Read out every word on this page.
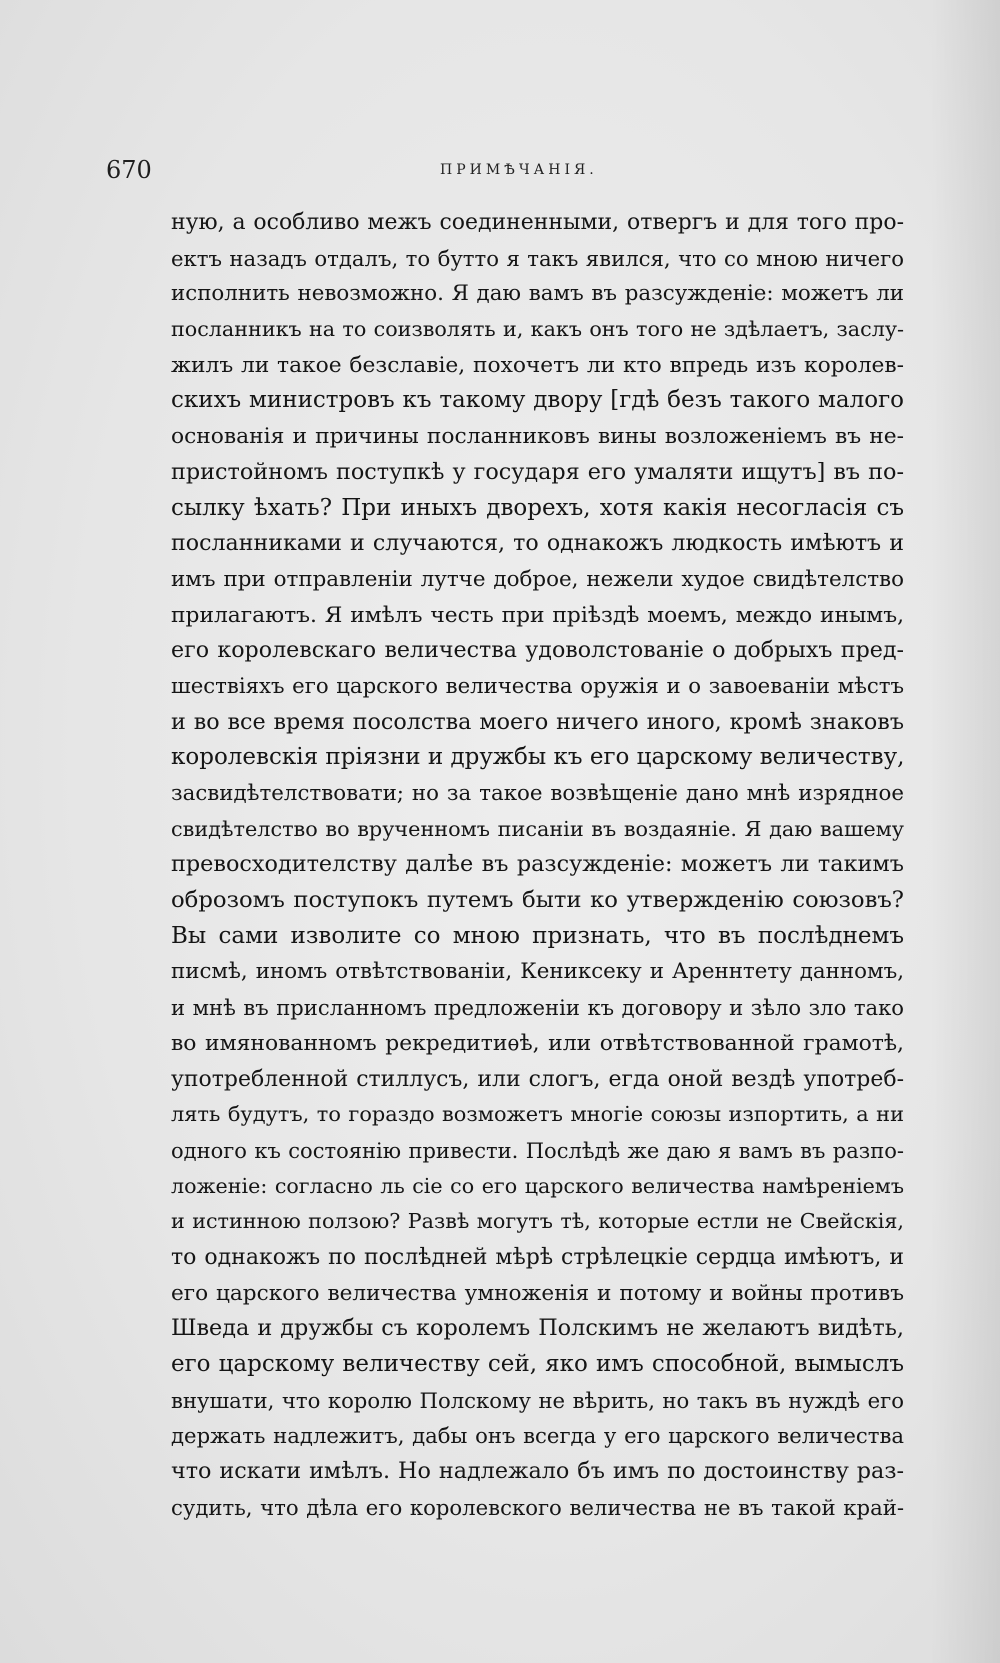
670	ПРИМѢЧАНІЯ.
ную, а особливо межъ соединенными, отвергъ и для того про-
ектъ назадъ отдалъ, то бутто я такъ явился, что со мною ничего
исполнить невозможно. Я даю вамъ въ разсужденіе: можетъ ли
посланникъ на то соизволять и, какъ онъ того не здѣлаетъ, заслу-
жилъ ли такое безславіе, похочетъ ли кто впредь изъ королев-
скихъ министровъ къ такому двору [гдѣ безъ такого малого
основанія и причины посланниковъ вины возложеніемъ въ не-
пристойномъ поступкѣ у государя его умаляти ищутъ] въ по-
сылку ѣхать? При иныхъ дворехъ, хотя какія несогласія съ
посланниками и случаются, то однакожъ людкость имѣютъ и
имъ при отправленіи лутче доброе, нежели худое свидѣтелство
прилагаютъ. Я имѣлъ честь при пріѣздѣ моемъ, междо инымъ,
его королевскаго величества удоволстованіе о добрыхъ пред-
шествіяхъ его царского величества оружія и о завоеваніи мѣстъ
и во все время посолства моего ничего иного, кромѣ знаковъ
королевскія пріязни и дружбы къ его царскому величеству,
засвидѣтелствовати; но за такое возвѣщеніе дано мнѣ изрядное
свидѣтелство во врученномъ писаніи въ воздаяніе. Я даю вашему
превосходителству далѣе въ разсужденіе: можетъ ли такимъ
оброзомъ поступокъ путемъ быти ко утвержденію союзовъ?
Вы сами изволите со мною признать, что въ послѣднемъ
писмѣ, иномъ отвѣтствованіи, Кениксеку и Ареннтету данномъ,
и мнѣ въ присланномъ предложеніи къ договору и зѣло зло тако
во имянованномъ рекредитиѳѣ, или отвѣтствованной грамотѣ,
употребленной стиллусъ, или слогъ, егда оной вездѣ употреб-
лять будутъ, то гораздо возможетъ многіе союзы изпортить, а ни
одного къ состоянію привести. Послѣдѣ же даю я вамъ въ разпо-
ложеніе: согласно ль сіе со его царского величества намѣреніемъ
и истинною ползою? Развѣ могутъ тѣ, которые естли не Свейскія,
то однакожъ по послѣдней мѣрѣ стрѣлецкіе сердца имѣютъ, и
его царского величества умноженія и потому и войны противъ
Шведа и дружбы съ королемъ Полскимъ не желаютъ видѣть,
его царскому величеству сей, яко имъ способной, вымыслъ
внушати, что королю Полскому не вѣрить, но такъ въ нуждѣ его
держать надлежитъ, дабы онъ всегда у его царского величества
что искати имѣлъ. Но надлежало бъ имъ по достоинству раз-
судить, что дѣла его королевского величества не въ такой край-
